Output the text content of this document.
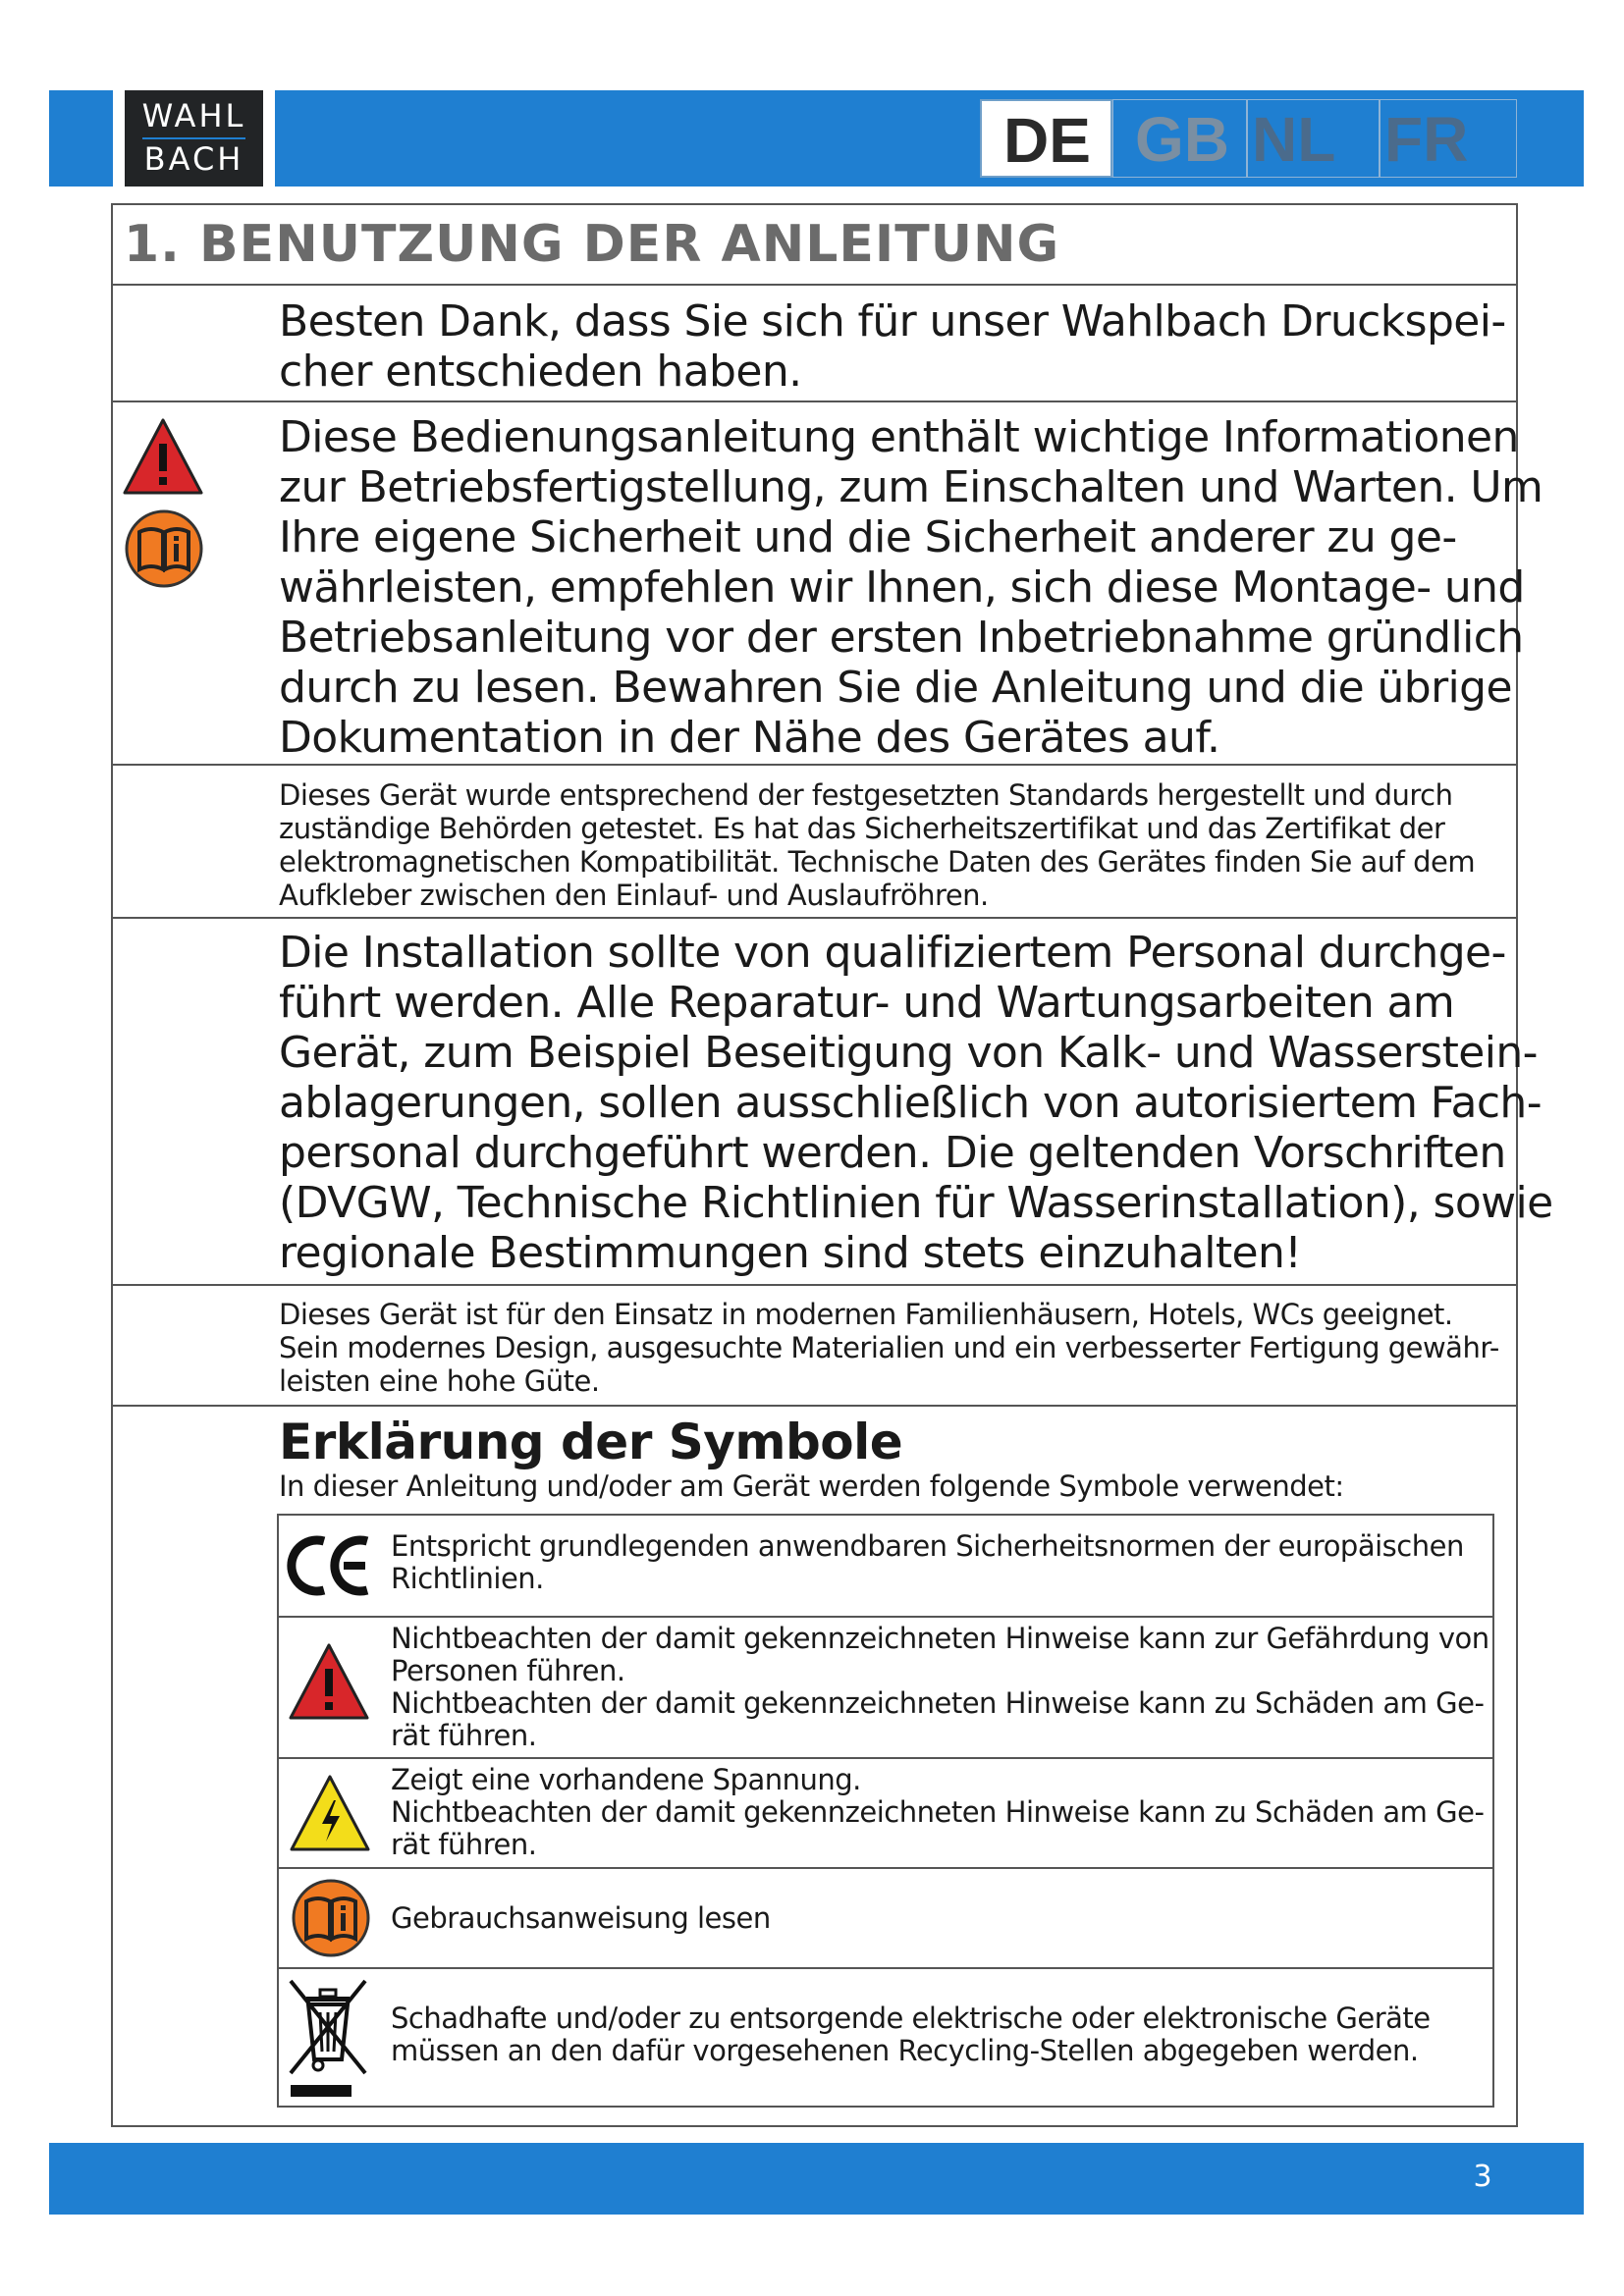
WAHL
BACH	DE GB NL FR
1. BENUTZUNG DER ANLEITUNG
Besten Dank, dass Sie sich für unser Wahlbach Druckspei-
cher entschieden haben.
Diese Bedienungsanleitung enthält wichtige Informationen
zur Betriebsfertigstellung, zum Einschalten und Warten. Um
Ihre eigene Sicherheit und die Sicherheit anderer zu ge-
währleisten, empfehlen wir Ihnen, sich diese Montage- und
Betriebsanleitung vor der ersten Inbetriebnahme gründlich
durch zu lesen. Bewahren Sie die Anleitung und die übrige
Dokumentation in der Nähe des Gerätes auf.
Dieses Gerät wurde entsprechend der festgesetzten Standards hergestellt und durch
zuständige Behörden getestet. Es hat das Sicherheitszertifikat und das Zertifikat der
elektromagnetischen Kompatibilität. Technische Daten des Gerätes finden Sie auf dem
Aufkleber zwischen den Einlauf- und Auslaufröhren.
Die Installation sollte von qualifiziertem Personal durchge-
führt werden. Alle Reparatur- und Wartungsarbeiten am
Gerät, zum Beispiel Beseitigung von Kalk- und Wasserstein-
ablagerungen, sollen ausschließlich von autorisiertem Fach-
personal durchgeführt werden. Die geltenden Vorschriften
(DVGW, Technische Richtlinien für Wasserinstallation), sowie
regionale Bestimmungen sind stets einzuhalten!
Dieses Gerät ist für den Einsatz in modernen Familienhäusern, Hotels, WCs geeignet.
Sein modernes Design, ausgesuchte Materialien und ein verbesserter Fertigung gewähr-
leisten eine hohe Güte.
Erklärung der Symbole
In dieser Anleitung und/oder am Gerät werden folgende Symbole verwendet:
Entspricht grundlegenden anwendbaren Sicherheitsnormen der europäischen
Richtlinien.
Nichtbeachten der damit gekennzeichneten Hinweise kann zur Gefährdung von
Personen führen.
Nichtbeachten der damit gekennzeichneten Hinweise kann zu Schäden am Ge-
rät führen.
Zeigt eine vorhandene Spannung.
Nichtbeachten der damit gekennzeichneten Hinweise kann zu Schäden am Ge-
rät führen.
Gebrauchsanweisung lesen
Schadhafte und/oder zu entsorgende elektrische oder elektronische Geräte
müssen an den dafür vorgesehenen Recycling-Stellen abgegeben werden.
3
